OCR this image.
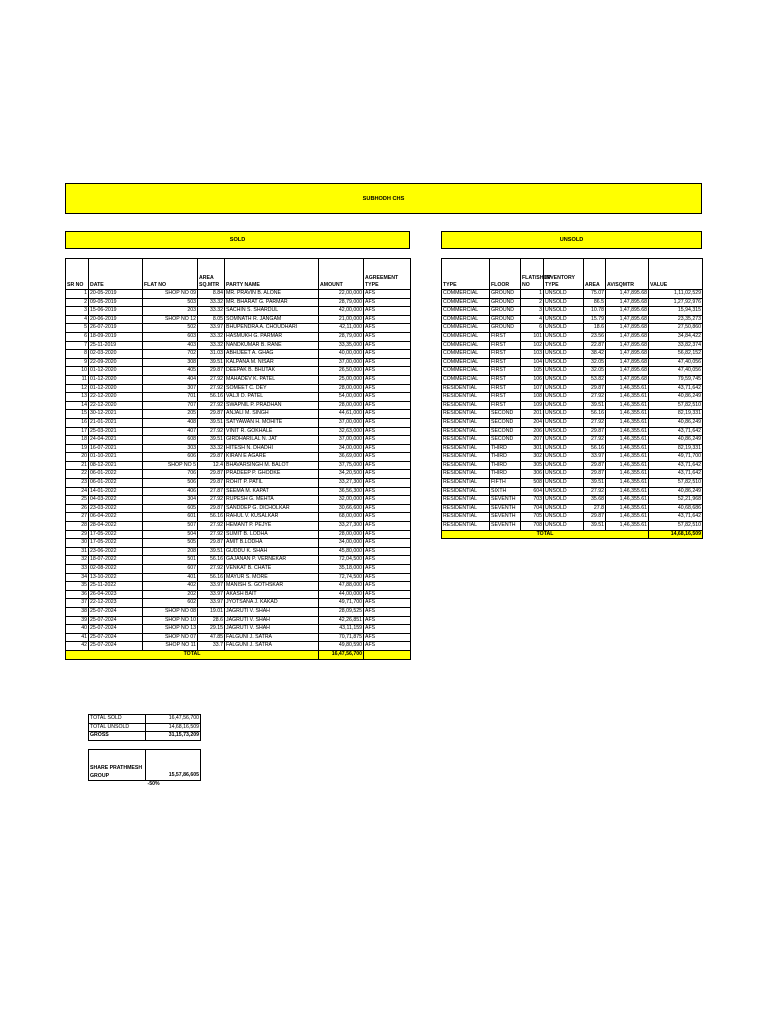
SUBHODH CHS
SOLD	UNSOLD
SR NO	DATE	FLAT NO	AREA SQ.MTR	PARTY NAME	AMOUNT	AGREEMENT TYPE
1	20-05-2019	SHOP NO 09	8.84	MR. PRAVIN B. ALONE	22,00,000	AFS
2	09-05-2019	503	33.32	MR. BHARAT G. PARMAR	28,79,000	AFS
3	15-06-2019	203	33.32	SACHIN S. SHARDUL	42,00,000	AFS
4	20-06-2019	SHOP NO 12	8.05	SOMNATH R. JANGAM	21,00,000	AFS
5	26-07-2019	502	33.97	BHUPENDRA A. CHOUDHARI	42,11,000	AFS
6	18-09-2019	603	33.32	HASMUKH G. PARMAR	28,79,000	AFS
7	25-11-2019	403	33.32	NANDKUMAR B. RANE	33,35,000	AFS
8	02-03-2020	702	31.03	ABHIJEET A. GHAG	40,00,000	AFS
9	22-09-2020	308	39.51	KALPANA M. NISAR	37,00,000	AFS
10	01-12-2020	405	29.87	DEEPAK B. BHUTAK	26,50,000	AFS
11	01-12-2020	404	27.92	MAHADEV K. PATEL	25,00,000	AFS
12	01-12-2020	307	27.92	SOMEET C. DEY	28,00,000	AFS
13	22-12-2020	701	56.16	VALJI D. PATEL	54,00,000	AFS
14	22-12-2020	707	27.92	SWAPNIL P. PRADHAN	28,00,000	AFS
15	30-12-2021	205	29.87	ANJALI M. SINGH	44,61,000	AFS
16	21-01-2021	408	39.51	SATYAWAN H. MOHITE	37,00,000	AFS
17	25-03-2021	407	27.92	VINIT R. GOKHALE	32,63,000	AFS
18	24-04-2021	608	39.51	GIRDHARILAL N. JAT	37,00,000	AFS
19	16-07-2021	303	33.32	HITESH N. DHADHI	34,00,000	AFS
20	01-10-2021	606	29.87	KIRAN E AGARE	36,69,000	AFS
21	08-12-2021	SHOP NO 5	12.4	BHAVARSINGH M. BALOT	37,75,000	AFS
22	06-01-2022	706	29.87	PRADEEP P. GHODKE	34,20,500	AFS
23	06-01-2022	506	29.87	ROHIT P. PATIL	33,27,300	AFS
24	14-01-2022	406	27.87	SEEMA M. KAPAT	36,56,300	AFS
25	04-03-2022	304	27.92	RUPESH G. MEHTA	32,00,000	AFS
26	23-03-2022	605	29.87	SANDDEP G. DICHOLKAR	30,66,600	AFS
27	06-04-2022	601	56.16	RAHUL V. KUSALKAR	68,00,000	AFS
28	28-04-2022	507	27.92	HEMANT P. PEJYE	33,27,300	AFS
29	17-05-2022	504	27.92	SUMIT B. LODHA	28,00,000	AFS
30	17-05-2022	505	29.87	AMIT B.LODHA	34,00,000	AFS
31	23-06-2022	208	39.51	GUDDU K. SHAH	45,80,000	AFS
32	18-07-2022	501	56.16	GAJANAN P. VERNEKAR	72,04,500	AFS
33	02-08-2022	607	27.92	VENKAT B. CHATE	35,18,000	AFS
34	13-10-2022	401	56.16	MAYUR S. MORE	72,74,500	AFS
35	25-11-2022	402	33.97	MANISH S. GOTHSKAR	47,88,000	AFS
36	26-04-2023	202	33.97	AKASH BAIT	44,00,000	AFS
37	22-12-2023	602	33.97	JYOTSANA J. KAKAD	49,71,700	AFS
38	25-07-2024	SHOP NO 08	19.01	JAGRUTI V. SHAH	28,09,525	AFS
39	25-07-2024	SHOP NO 10	28.6	JAGRUTI V. SHAH	42,26,851	AFS
40	25-07-2024	SHOP NO 13	29.15	JAGRUTI V. SHAH	43,11,159	AFS
41	25-07-2024	SHOP NO 07	47.85	FALGUNI J. SATRA	70,71,875	AFS
42	25-07-2024	SHOP NO 11	33.7	FALGUNI J. SATRA	49,80,590	AFS
TOTAL					16,47,56,700	
TYPE	FLOOR	FLAT/SHOP NO	INVENTORY TYPE	AREA	AV/SQMTR	VALUE
COMMERCIAL	GROUND	1	UNSOLD	75.07	1,47,895.68	1,11,02,529
COMMERCIAL	GROUND	2	UNSOLD	86.5	1,47,895.68	1,27,92,976
COMMERCIAL	GROUND	3	UNSOLD	10.78	1,47,895.68	15,94,315
COMMERCIAL	GROUND	4	UNSOLD	15.79	1,47,895.68	23,35,273
COMMERCIAL	GROUND	6	UNSOLD	18.6	1,47,895.68	27,50,860
COMMERCIAL	FIRST	101	UNSOLD	23.56	1,47,895.68	34,84,422
COMMERCIAL	FIRST	102	UNSOLD	22.87	1,47,895.68	33,82,374
COMMERCIAL	FIRST	103	UNSOLD	38.42	1,47,895.68	56,82,152
COMMERCIAL	FIRST	104	UNSOLD	32.05	1,47,895.68	47,40,056
COMMERCIAL	FIRST	105	UNSOLD	32.05	1,47,895.68	47,40,056
COMMERCIAL	FIRST	106	UNSOLD	53.82	1,47,895.68	79,59,745
RESIDENTIAL	FIRST	107	UNSOLD	29.87	1,46,355.61	43,71,642
RESIDENTIAL	FIRST	108	UNSOLD	27.92	1,46,355.61	40,86,249
RESIDENTIAL	FIRST	109	UNSOLD	39.51	1,46,355.61	57,82,510
RESIDENTIAL	SECOND	201	UNSOLD	56.16	1,46,355.61	82,19,331
RESIDENTIAL	SECOND	204	UNSOLD	27.92	1,46,355.61	40,86,249
RESIDENTIAL	SECOND	206	UNSOLD	29.87	1,46,355.61	43,71,642
RESIDENTIAL	SECOND	207	UNSOLD	27.92	1,46,355.61	40,86,249
RESIDENTIAL	THIRD	301	UNSOLD	56.16	1,46,355.61	82,19,331
RESIDENTIAL	THIRD	302	UNSOLD	33.97	1,46,355.61	49,71,700
RESIDENTIAL	THIRD	305	UNSOLD	29.87	1,46,355.61	43,71,642
RESIDENTIAL	THIRD	306	UNSOLD	29.87	1,46,355.61	43,71,642
RESIDENTIAL	FIFTH	508	UNSOLD	39.51	1,46,355.61	57,82,510
RESIDENTIAL	SIXTH	604	UNSOLD	27.92	1,46,355.61	40,86,249
RESIDENTIAL	SEVENTH	703	UNSOLD	35.68	1,46,355.61	52,21,968
RESIDENTIAL	SEVENTH	704	UNSOLD	27.8	1,46,355.61	40,68,686
RESIDENTIAL	SEVENTH	705	UNSOLD	29.87	1,46,355.61	43,71,642
RESIDENTIAL	SEVENTH	708	UNSOLD	39.51	1,46,355.61	57,82,510
TOTAL						14,68,16,509
TOTAL SOLD	16,47,56,700
TOTAL UNSOLD	14,68,16,509
GROSS	31,15,73,209
SHARE PRATHMESH GROUP	15,57,86,605
	-50%
